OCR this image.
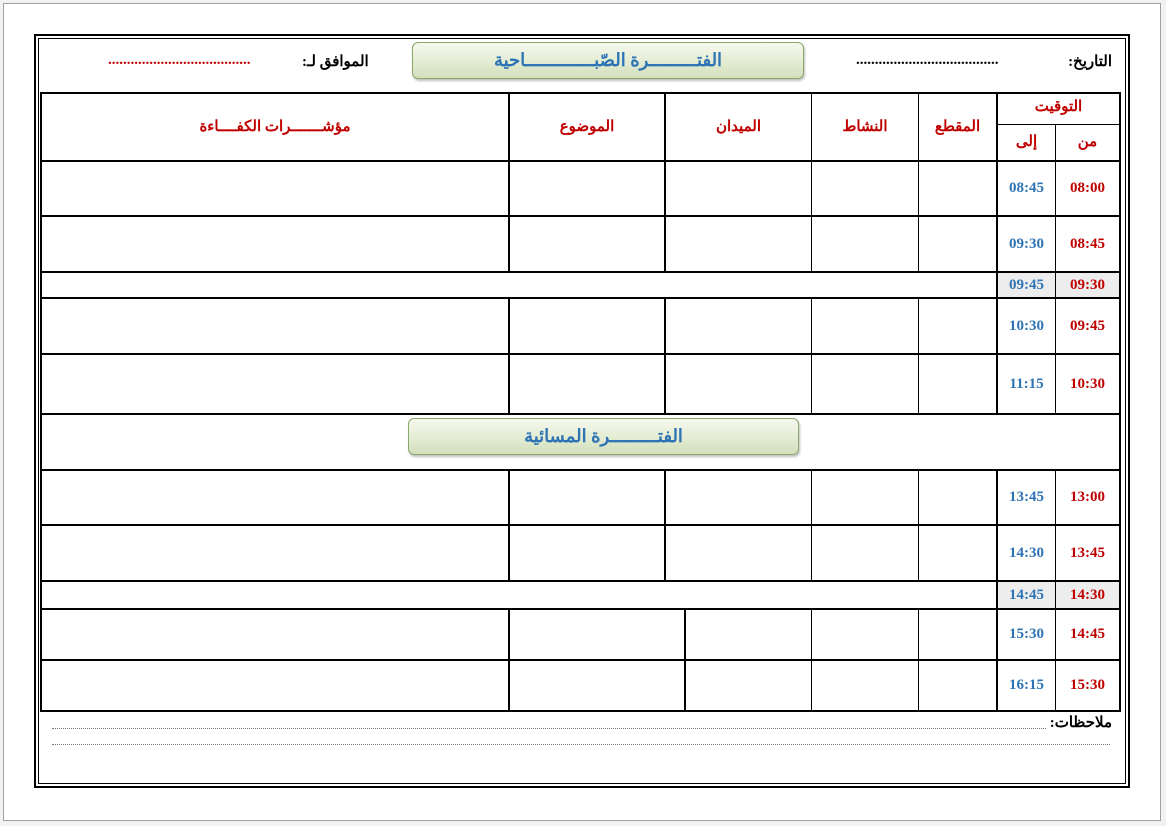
التاريخ:
......................................
الفتـــــــــرة الصّبـــــــــــــاحية
الموافق لـ:
......................................
التوقيت
من
إلى
المقطع
النشاط
الميدان
الموضوع
مؤشـــــــرات الكفــــاءة
08:00
08:45
08:45
09:30
09:30
09:45
09:45
10:30
10:30
11:15
الفتـــــــــرة المسائية
13:00
13:45
13:45
14:30
14:30
14:45
14:45
15:30
15:30
16:15
ملاحظات:
